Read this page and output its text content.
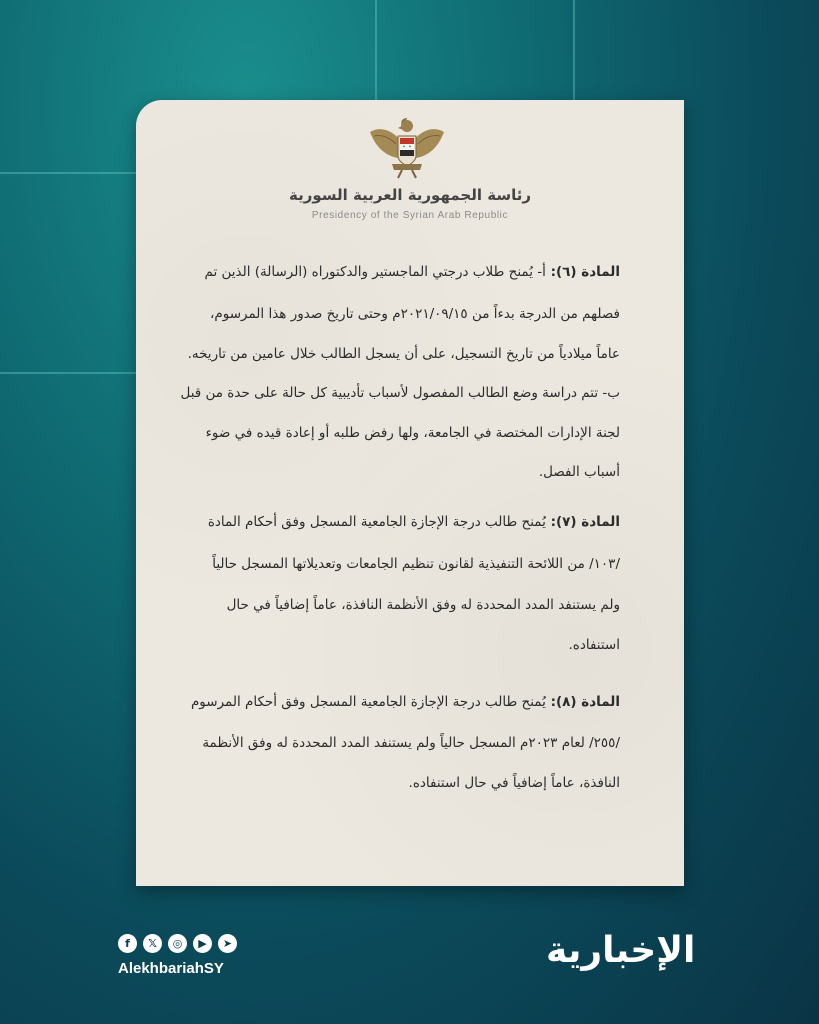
رئاسة الجمهورية العربية السورية
Presidency of the Syrian Arab Republic
المادة (٦): أ- يُمنح طلاب درجتي الماجستير والدكتوراه (الرسالة) الذين تم
فصلهم من الدرجة بدءاً من ٢٠٢١/٠٩/١٥م وحتى تاريخ صدور هذا المرسوم،
عاماً ميلادياً من تاريخ التسجيل، على أن يسجل الطالب خلال عامين من تاريخه.
ب- تتم دراسة وضع الطالب المفصول لأسباب تأديبية كل حالة على حدة من قبل
لجنة الإدارات المختصة في الجامعة، ولها رفض طلبه أو إعادة قيده في ضوء
أسباب الفصل.
المادة (٧): يُمنح طالب درجة الإجازة الجامعية المسجل وفق أحكام المادة
/١٠٣/ من اللائحة التنفيذية لقانون تنظيم الجامعات وتعديلاتها المسجل حالياً
ولم يستنفد المدد المحددة له وفق الأنظمة النافذة، عاماً إضافياً في حال
استنفاده.
المادة (٨): يُمنح طالب درجة الإجازة الجامعية المسجل وفق أحكام المرسوم
/٢٥٥/ لعام ٢٠٢٣م المسجل حالياً ولم يستنفد المدد المحددة له وفق الأنظمة
النافذة، عاماً إضافياً في حال استنفاده.
f	𝕏	◎	▶	➤
AlekhbariahSY	الإخبارية
